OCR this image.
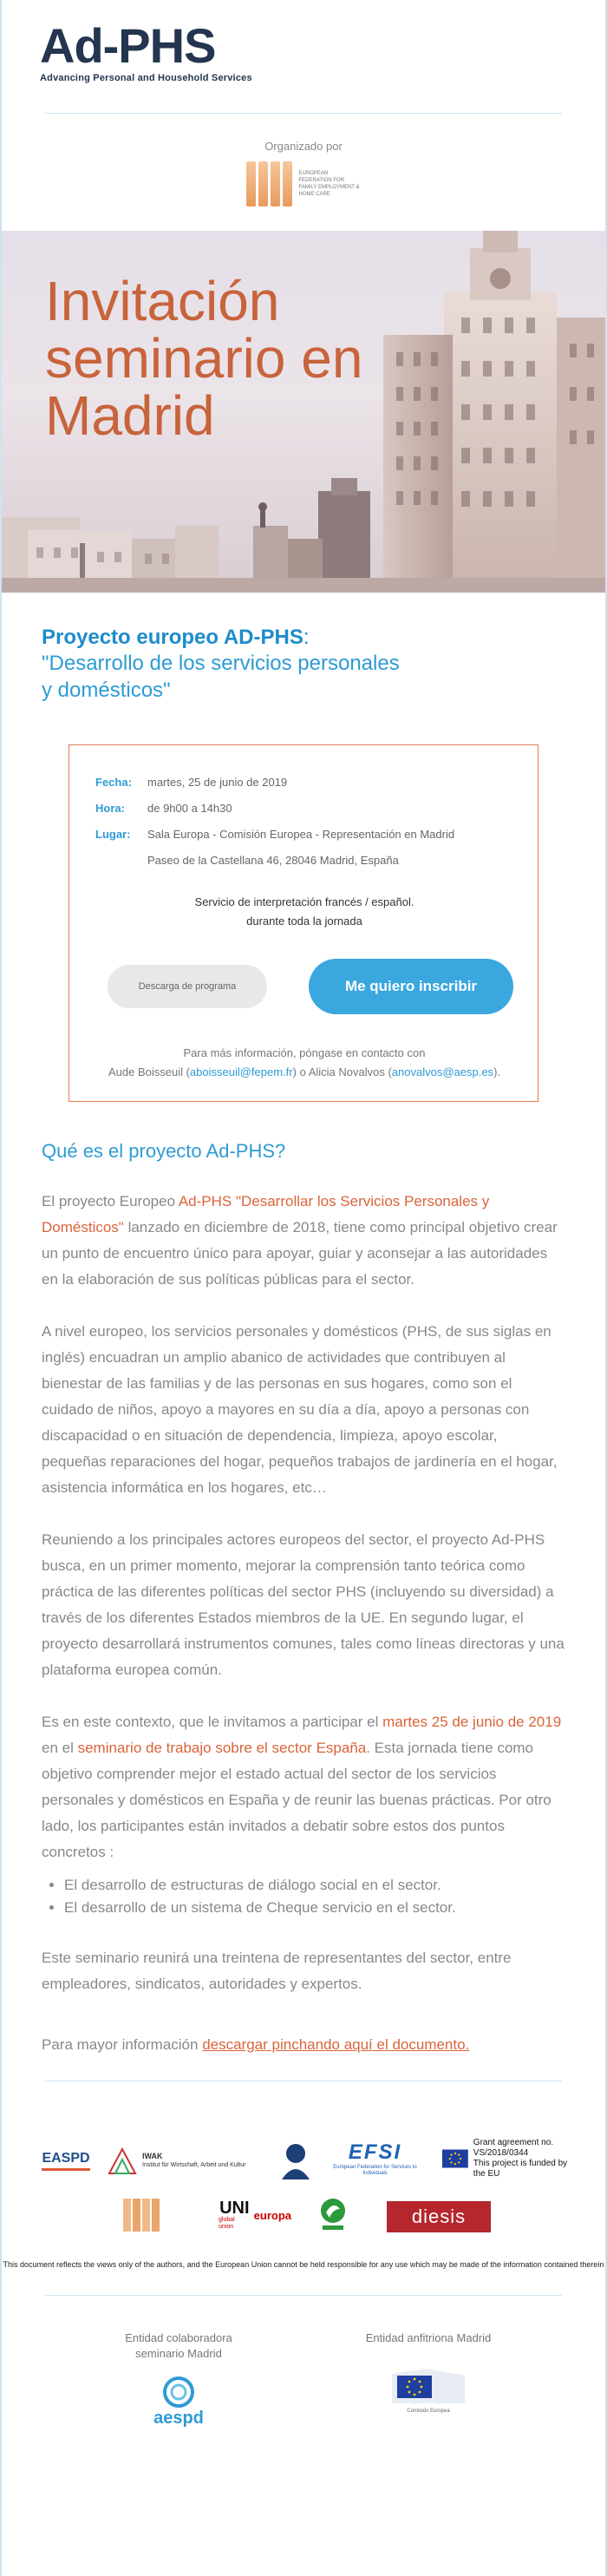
Ad-PHS
Advancing Personal and Household Services
Organizado por
EUROPEAN FEDERATION FOR FAMILY EMPLOYMENT & HOME CARE
Invitación
seminario en
Madrid
Proyecto europeo AD-PHS:
"Desarrollo de los servicios personales
y domésticos"
Fecha:	martes, 25 de junio de 2019
Hora:	de 9h00 a 14h30
Lugar:	Sala Europa - Comisión Europea - Representación en Madrid
Paseo de la Castellana 46, 28046 Madrid, España
Servicio de interpretación francés / español.
durante toda la jornada
Descarga de programa	Me quiero inscribir
Para más información, póngase en contacto con
Aude Boisseuil (aboisseuil@fepem.fr) o Alicia Novalvos (anovalvos@aesp.es).
Qué es el proyecto Ad-PHS?

El proyecto Europeo Ad-PHS "Desarrollar los Servicios Personales y Domésticos" lanzado en diciembre de 2018, tiene como principal objetivo crear un punto de encuentro único para apoyar, guiar y aconsejar a las autoridades en la elaboración de sus políticas públicas para el sector.

A nivel europeo, los servicios personales y domésticos (PHS, de sus siglas en inglés) encuadran un amplio abanico de actividades que contribuyen al bienestar de las familias y de las personas en sus hogares, como son el cuidado de niños, apoyo a mayores en su día a día, apoyo a personas con discapacidad o en situación de dependencia, limpieza, apoyo escolar, pequeñas reparaciones del hogar, pequeños trabajos de jardinería en el hogar, asistencia informática en los hogares, etc…

Reuniendo a los principales actores europeos del sector, el proyecto Ad-PHS busca, en un primer momento, mejorar la comprensión tanto teórica como práctica de las diferentes políticas del sector PHS (incluyendo su diversidad) a través de los diferentes Estados miembros de la UE. En segundo lugar, el proyecto desarrollará instrumentos comunes, tales como líneas directoras y una plataforma europea común.

Es en este contexto, que le invitamos a participar el martes 25 de junio de 2019 en el seminario de trabajo sobre el sector España. Esta jornada tiene como objetivo comprender mejor el estado actual del sector de los servicios personales y domésticos en España y de reunir las buenas prácticas. Por otro lado, los participantes están invitados a debatir sobre estos dos puntos concretos :

• El desarrollo de estructuras de diálogo social en el sector.
• El desarrollo de un sistema de Cheque servicio en el sector.

Este seminario reunirá una treintena de representantes del sector, entre empleadores, sindicatos, autoridades y expertos.

Para mayor información descargar pinchando aquí el documento.

EASPD	IWAK
Institut für Wirtschaft, Arbeit und Kultur
EFSI
European Federation for Services to Individuals
Grant agreement no.
VS/2018/0344
This project is funded by the EU
UNI
global union
europa	diesis
This document reflects the views only of the authors, and the European Union cannot be held responsible for any use which may be made of the information contained therein
Entidad colaboradora
seminario Madrid
aespd
Entidad anfitriona Madrid
Comisión Europea
